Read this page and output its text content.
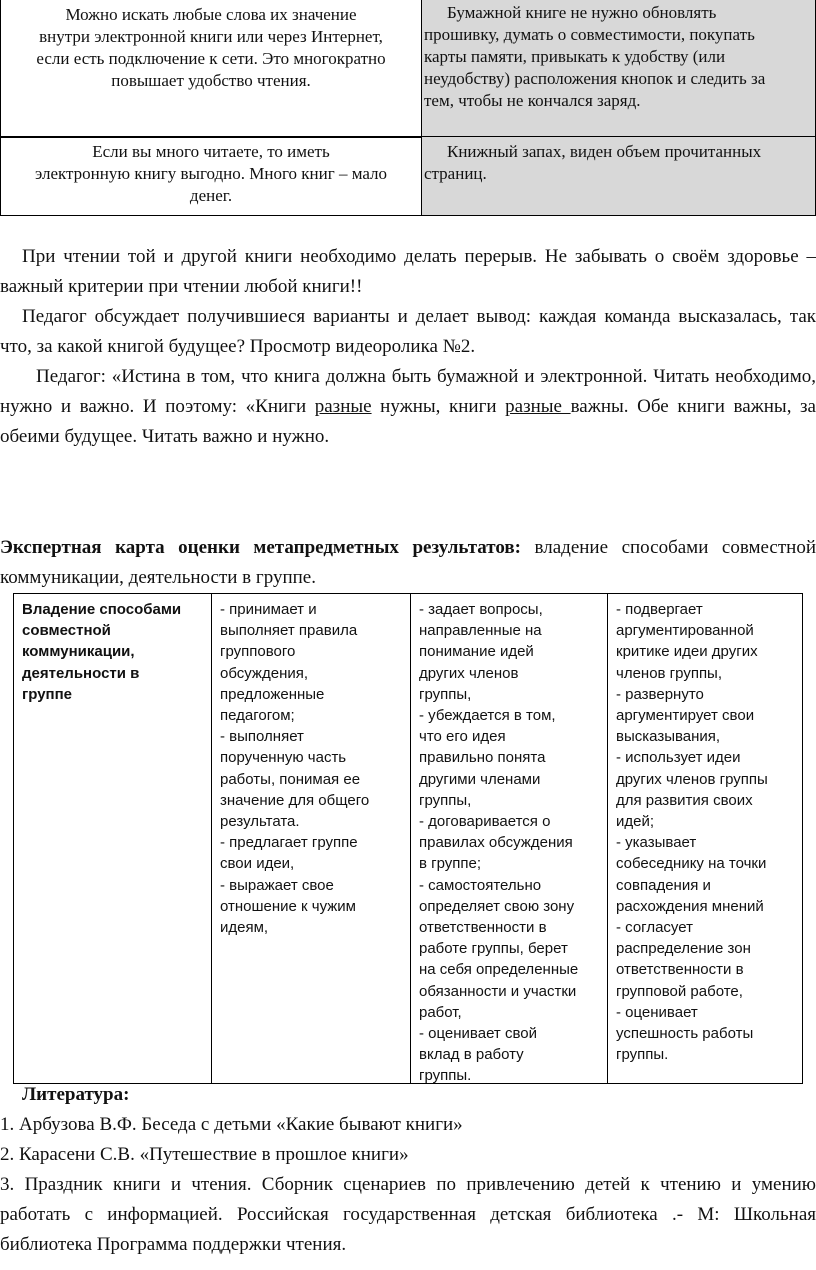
Можно искать любые слова их значение
внутри электронной книги или через Интернет,
если есть подключение к сети. Это многократно
повышает удобство чтения.
Бумажной книге не нужно обновлять
прошивку, думать о совместимости, покупать
карты памяти, привыкать к удобству (или
неудобству) расположения кнопок и следить за
тем, чтобы не кончался заряд.
Если вы много читаете, то иметь
электронную книгу выгодно. Много книг – мало
денег.
Книжный запах, виден объем прочитанных
страниц.
При чтении той и другой книги необходимо делать перерыв. Не забывать о своём здоровье – важный критерии при чтении любой книги!!
Педагог обсуждает получившиеся варианты и делает вывод: каждая команда высказалась, так что, за какой книгой будущее? Просмотр видеоролика №2.
Педагог: «Истина в том, что книга должна быть бумажной и электронной. Читать необходимо, нужно и важно. И поэтому: «Книги разные нужны, книги разные важны. Обе книги важны, за обеими будущее. Читать важно и нужно.
Экспертная карта оценки метапредметных результатов: владение способами совместной коммуникации, деятельности в группе.
Владение способами
совместной
коммуникации,
деятельности в
группе
- принимает и
выполняет правила
группового
обсуждения,
предложенные
педагогом;
- выполняет
порученную часть
работы, понимая ее
значение для общего
результата.
- предлагает группе
свои идеи,
- выражает свое
отношение к чужим
идеям,
- задает вопросы,
направленные на
понимание идей
других членов
группы,
- убеждается в том,
что его идея
правильно понята
другими членами
группы,
- договаривается о
правилах обсуждения
в группе;
- самостоятельно
определяет свою зону
ответственности в
работе группы, берет
на себя определенные
обязанности и участки
работ,
- оценивает свой
вклад в работу
группы.
- подвергает
аргументированной
критике идеи других
членов группы,
- развернуто
аргументирует свои
высказывания,
- использует идеи
других членов группы
для развития своих
идей;
- указывает
собеседнику на точки
совпадения и
расхождения мнений
- согласует
распределение зон
ответственности в
групповой работе,
- оценивает
успешность работы
группы.
Литература:
1. Арбузова В.Ф. Беседа с детьми «Какие бывают книги»
2. Карасени С.В. «Путешествие в прошлое книги»
3. Праздник книги и чтения. Сборник сценариев по привлечению детей к чтению и умению работать с информацией. Российская государственная детская библиотека .- М: Школьная библиотека Программа поддержки чтения.
